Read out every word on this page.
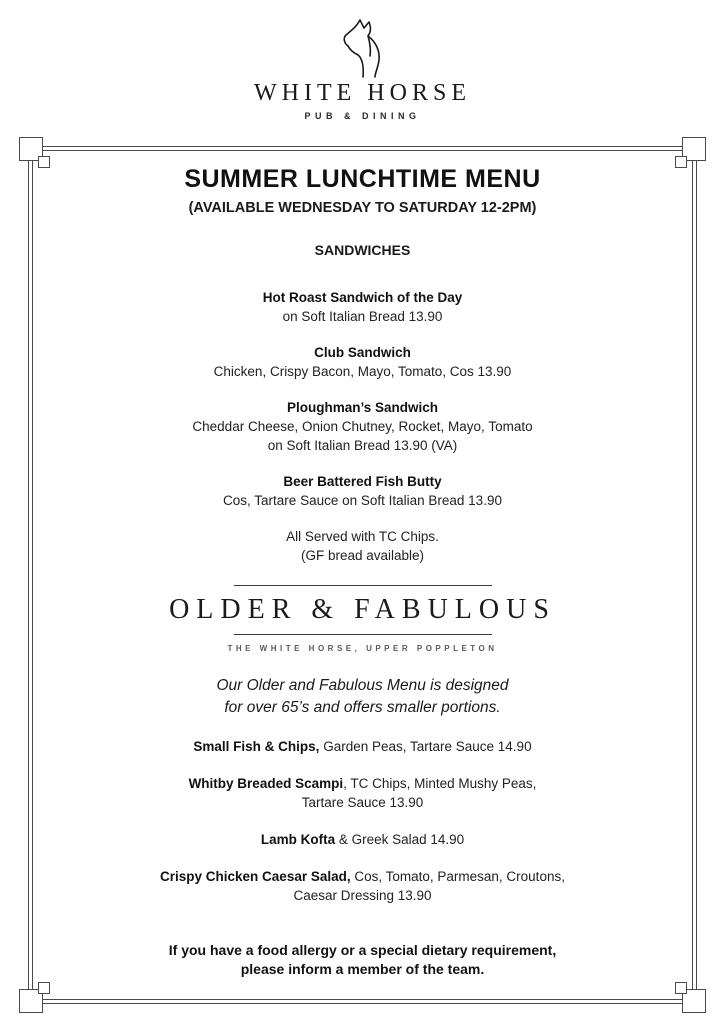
WHITE HORSE
PUB & DINING
SUMMER LUNCHTIME MENU
(AVAILABLE WEDNESDAY TO SATURDAY 12-2PM)
SANDWICHES
Hot Roast Sandwich of the Day
on Soft Italian Bread 13.90
Club Sandwich
Chicken, Crispy Bacon, Mayo, Tomato, Cos 13.90
Ploughman’s Sandwich
Cheddar Cheese, Onion Chutney, Rocket, Mayo, Tomato
on Soft Italian Bread 13.90 (VA)
Beer Battered Fish Butty
Cos, Tartare Sauce on Soft Italian Bread 13.90
All Served with TC Chips.
(GF bread available)
OLDER & FABULOUS
THE WHITE HORSE, UPPER POPPLETON
Our Older and Fabulous Menu is designed
for over 65’s and offers smaller portions.
Small Fish & Chips, Garden Peas, Tartare Sauce 14.90
Whitby Breaded Scampi, TC Chips, Minted Mushy Peas,
Tartare Sauce 13.90
Lamb Kofta & Greek Salad 14.90
Crispy Chicken Caesar Salad, Cos, Tomato, Parmesan, Croutons,
Caesar Dressing 13.90
If you have a food allergy or a special dietary requirement,
please inform a member of the team.
